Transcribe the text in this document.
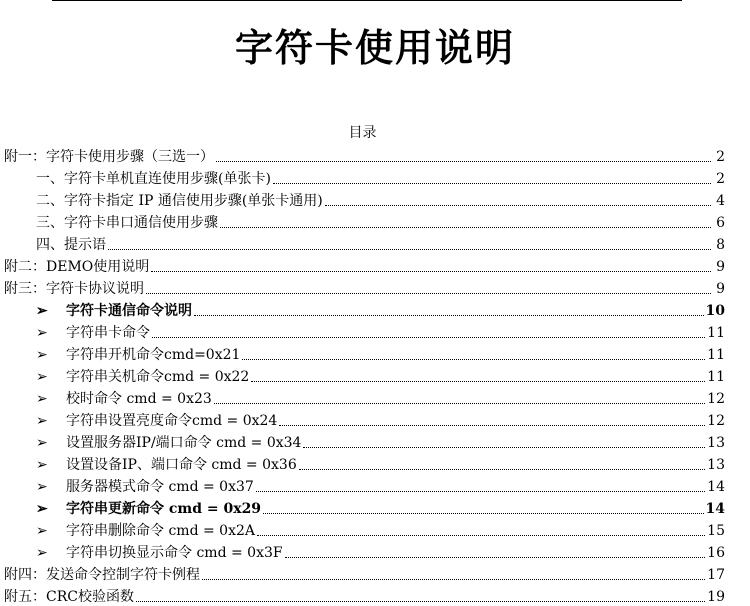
字符卡使用说明
目录
附一：字符卡使用步骤（三选一）	2
一、字符卡单机直连使用步骤(单张卡)	2
二、字符卡指定 IP 通信使用步骤(单张卡通用)	4
三、字符卡串口通信使用步骤	6
四、提示语	8
附二：DEMO使用说明	9
附三：字符卡协议说明	9
➢	字符卡通信命令说明	10
➢	字符串卡命令	11
➢	字符串开机命令cmd=0x21	11
➢	字符串关机命令cmd = 0x22	11
➢	校时命令 cmd = 0x23	12
➢	字符串设置亮度命令cmd = 0x24	12
➢	设置服务器IP/端口命令 cmd = 0x34	13
➢	设置设备IP、端口命令 cmd = 0x36	13
➢	服务器模式命令 cmd = 0x37	14
➢	字符串更新命令 cmd = 0x29	14
➢	字符串删除命令 cmd = 0x2A	15
➢	字符串切换显示命令 cmd = 0x3F	16
附四：发送命令控制字符卡例程	17
附五：CRC校验函数	19
